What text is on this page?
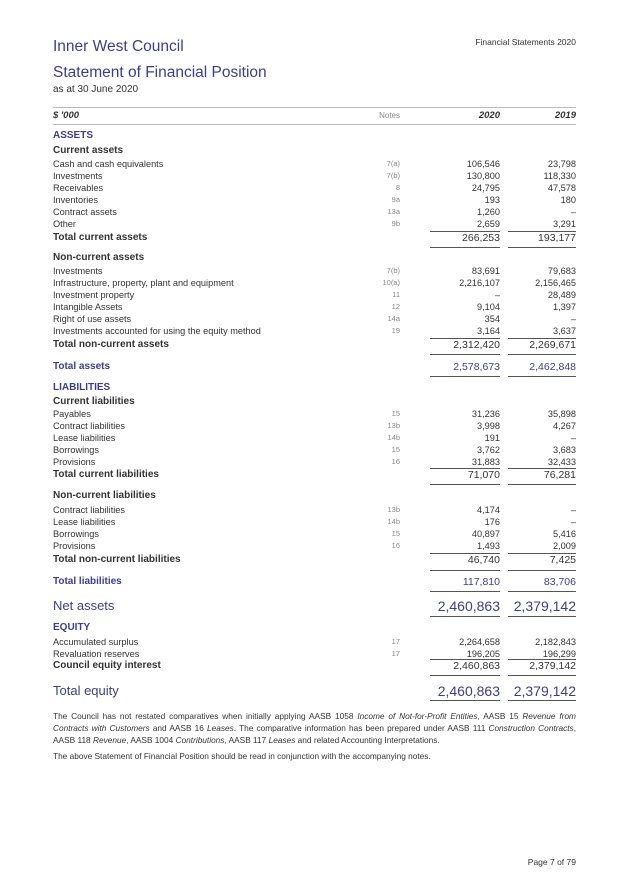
Inner West Council	Financial Statements 2020
Statement of Financial Position
as at 30 June 2020
$ '000	Notes	2020	2019
ASSETS
Current assets
Cash and cash equivalents	7(a)	106,546	23,798
Investments	7(b)	130,800	118,330
Receivables	8	24,795	47,578
Inventories	9a	193	180
Contract assets	13a	1,260	–
Other	9b	2,659	3,291
Total current assets	266,253	193,177
Non-current assets
Investments	7(b)	83,691	79,683
Infrastructure, property, plant and equipment	10(a)	2,216,107	2,156,465
Investment property	11	–	28,489
Intangible Assets	12	9,104	1,397
Right of use assets	14a	354	–
Investments accounted for using the equity method	19	3,164	3,637
Total non-current assets	2,312,420	2,269,671
Total assets	2,578,673	2,462,848
LIABILITIES
Current liabilities
Payables	15	31,236	35,898
Contract liabilities	13b	3,998	4,267
Lease liabilities	14b	191	–
Borrowings	15	3,762	3,683
Provisions	16	31,883	32,433
Total current liabilities	71,070	76,281
Non-current liabilities
Contract liabilities	13b	4,174	–
Lease liabilities	14b	176	–
Borrowings	15	40,897	5,416
Provisions	16	1,493	2,009
Total non-current liabilities	46,740	7,425
Total liabilities	117,810	83,706
Net assets	2,460,863 2,379,142
EQUITY
Accumulated surplus	17	2,264,658	2,182,843
Revaluation reserves	17	196,205	196,299
Council equity interest	2,460,863	2,379,142
Total equity	2,460,863 2,379,142
The Council has not restated comparatives when initially applying AASB 1058 Income of Not-for-Profit Entities, AASB 15 Revenue from Contracts with Customers and AASB 16 Leases. The comparative information has been prepared under AASB 111 Construction Contracts, AASB 118 Revenue, AASB 1004 Contributions, AASB 117 Leases and related Accounting Interpretations.
The above Statement of Financial Position should be read in conjunction with the accompanying notes.
Page 7 of 79
